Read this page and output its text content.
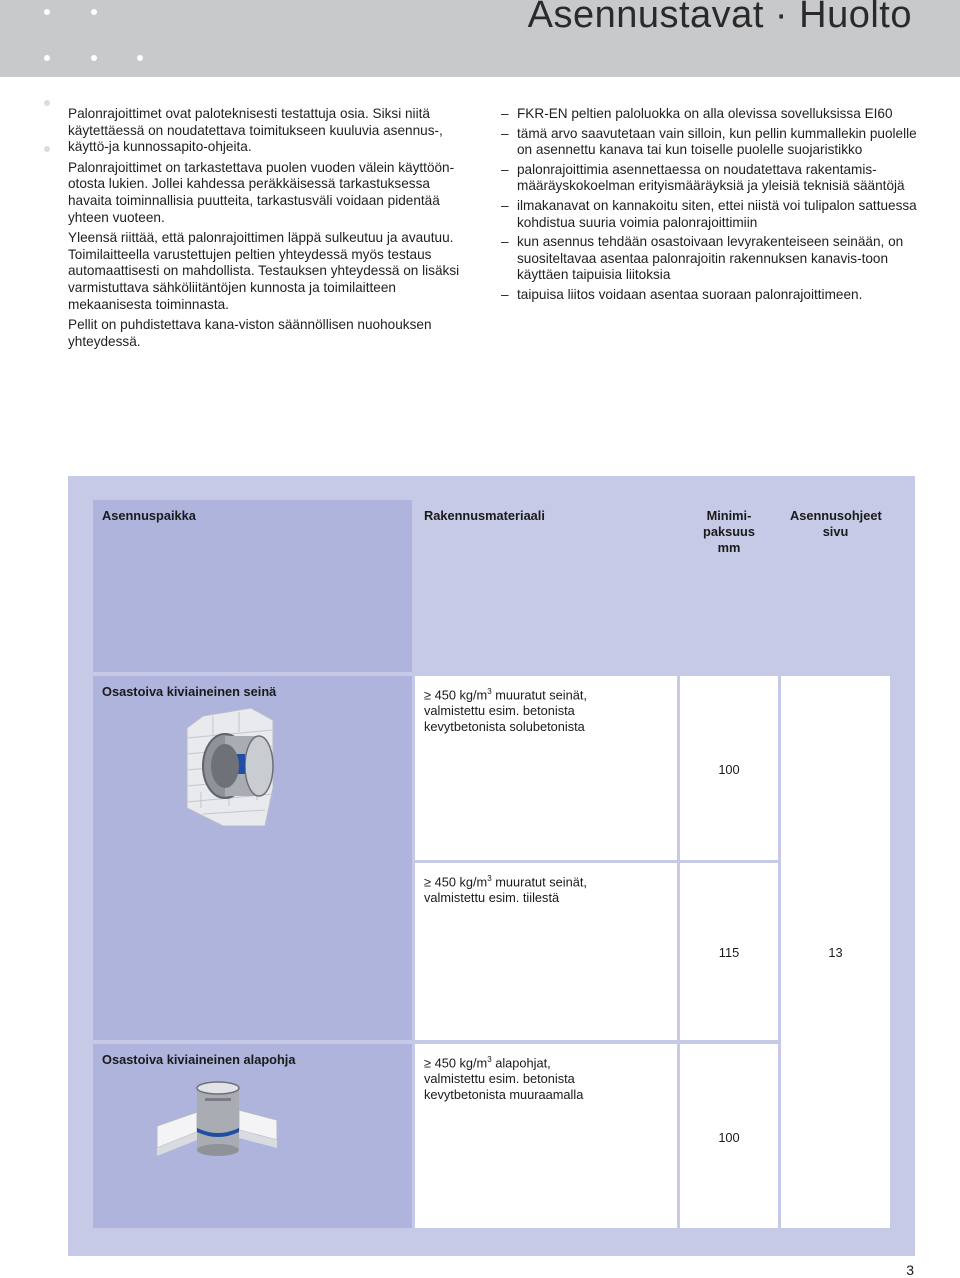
Asennustavat · Huolto

Palonrajoittimet ovat paloteknisesti testattuja osia. Siksi niitä käytettäessä on noudatettava toimitukseen kuuluvia asennus-, käyttö-ja kunnossapito-ohjeita.

Palonrajoittimet on tarkastettava puolen vuoden välein käyttöön-otosta lukien. Jollei kahdessa peräkkäisessä tarkastuksessa havaita toiminnallisia puutteita, tarkastusväli voidaan pidentää yhteen vuoteen.

Yleensä riittää, että palonrajoittimen läppä sulkeutuu ja avautuu. Toimilaitteella varustettujen peltien yhteydessä myös testaus automaattisesti on mahdollista. Testauksen yhteydessä on lisäksi varmistuttava sähköliitäntöjen kunnosta ja toimilaitteen mekaanisesta toiminnasta.

Pellit on puhdistettava kana-viston säännöllisen nuohouksen yhteydessä.

– FKR-EN peltien paloluokka on alla olevissa sovelluksissa EI60
– tämä arvo saavutetaan vain silloin, kun pellin kummallekin puolelle on asennettu kanava tai kun toiselle puolelle suojaristikko
– palonrajoittimia asennettaessa on noudatettava rakentamis-määräyskokoelman erityismääräyksiä ja yleisiä teknisiä sääntöjä
– ilmakanavat on kannakoitu siten, ettei niistä voi tulipalon sattuessa kohdistua suuria voimia palonrajoittimiin
– kun asennus tehdään osastoivaan levyrakenteiseen seinään, on suositeltavaa asentaa palonrajoitin rakennuksen kanavis-toon käyttäen taipuisia liitoksia
– taipuisa liitos voidaan asentaa suoraan palonrajoittimeen.
Asennuspaikka	Rakennusmateriaali	Minimi-
paksuus
mm
Asennusohjeet
sivu
Osastoiva kiviaineinen seinä
Osastoiva kiviaineinen alapohja
≥ 450 $kg/m^3$ muuratut seinät,
valmistettu esim. betonista
kevytbetonista solubetonista
100
≥ 450 $kg/m^3$ muuratut seinät,
valmistettu esim. tiilestä
115
≥ 450 $kg/m^3$ alapohjat,
valmistettu esim. betonista
kevytbetonista muuraamalla
100
13
3
